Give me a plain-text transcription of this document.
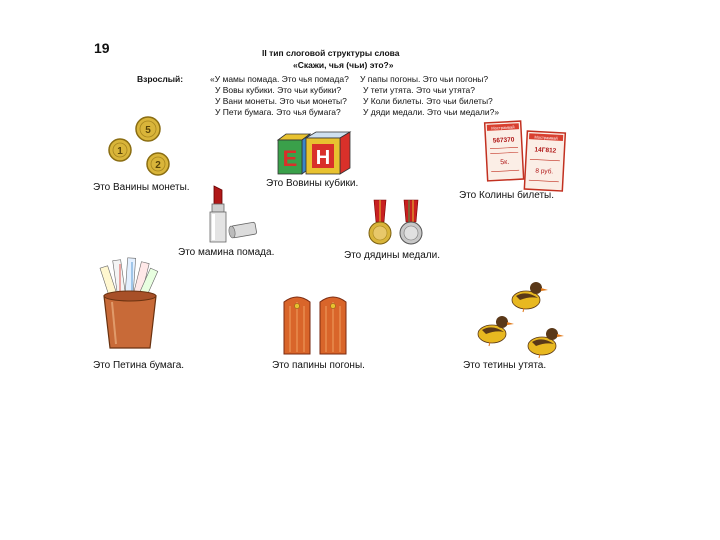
19	II тип слоговой структуры слова
«Скажи, чья (чьи) это?»
Взрослый:	«У мамы помада. Это чья помада?
У Вовы кубики. Это чьи кубики?
У Вани монеты. Это чьи монеты?
У Пети бумага. Это чья бумага?
У папы погоны. Это чьи погоны?
У тети утята. Это чьи утята?
У Коли билеты. Это чьи билеты?
У дяди медали. Это чьи медали?»
5
1
2
Это Ванины монеты.
Е Н
Это Вовины кубики.
Мострамвай
567370
5к.
Мострамвай
14Г812
8 руб.
Это Колины билеты.
Это мамина помада.	Это дядины медали.
Это Петина бумага.	Это папины погоны.	Это тетины утята.
